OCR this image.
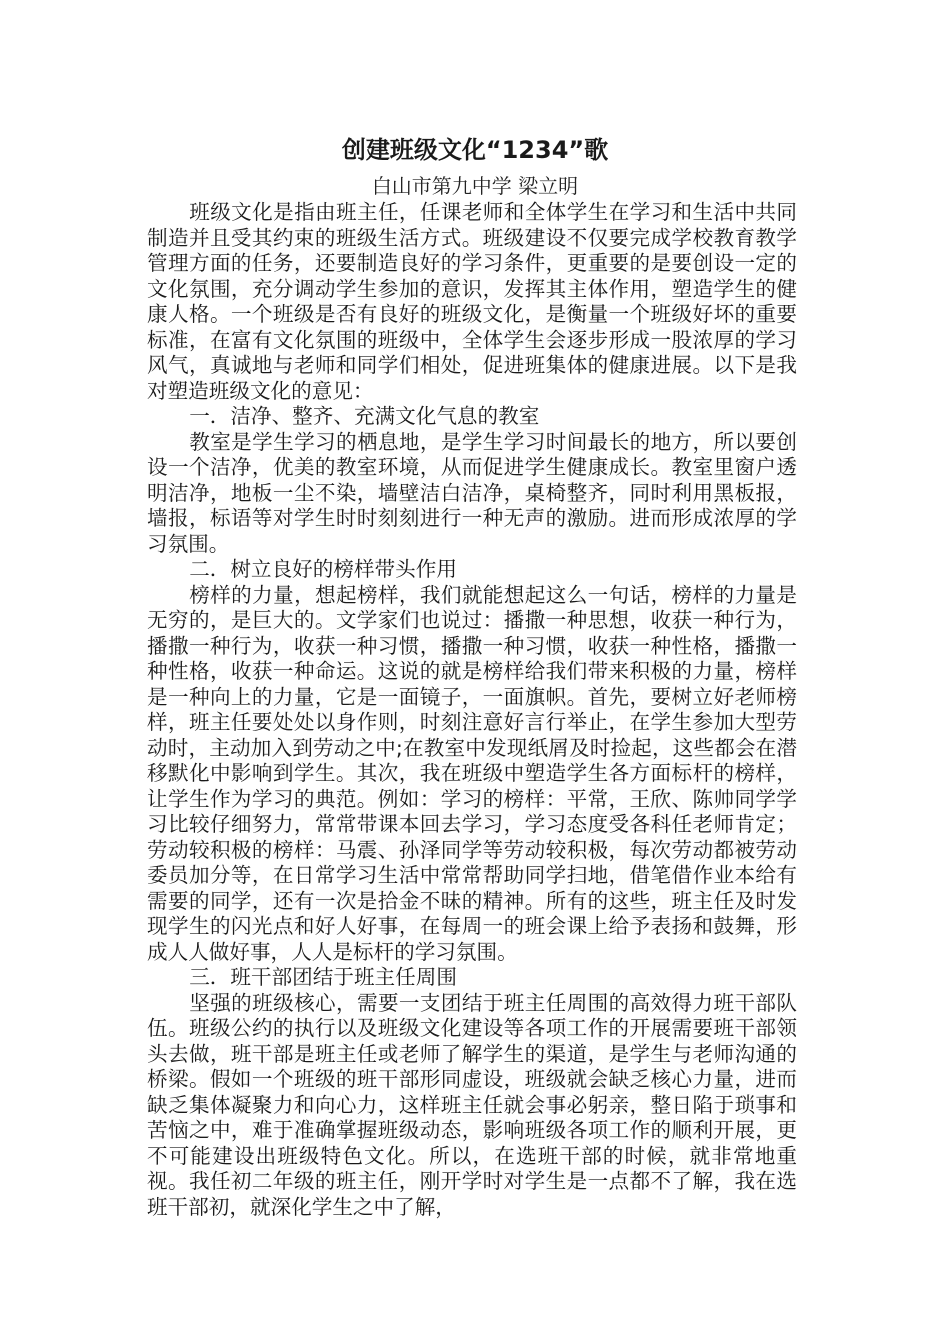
创建班级文化“1234”歌
白山市第九中学 梁立明

班级文化是指由班主任，任课老师和全体学生在学习和生活中共同制造并且受其约束的班级生活方式。班级建设不仅要完成学校教育教学管理方面的任务，还要制造良好的学习条件，更重要的是要创设一定的文化氛围，充分调动学生参加的意识，发挥其主体作用，塑造学生的健康人格。一个班级是否有良好的班级文化，是衡量一个班级好坏的重要标准，在富有文化氛围的班级中，全体学生会逐步形成一股浓厚的学习风气，真诚地与老师和同学们相处，促进班集体的健康进展。以下是我对塑造班级文化的意见：

一．洁净、整齐、充满文化气息的教室

教室是学生学习的栖息地，是学生学习时间最长的地方，所以要创设一个洁净，优美的教室环境，从而促进学生健康成长。教室里窗户透明洁净，地板一尘不染，墙壁洁白洁净，桌椅整齐，同时利用黑板报，墙报，标语等对学生时时刻刻进行一种无声的激励。进而形成浓厚的学习氛围。

二．树立良好的榜样带头作用

榜样的力量，想起榜样，我们就能想起这么一句话，榜样的力量是无穷的，是巨大的。文学家们也说过：播撒一种思想，收获一种行为，播撒一种行为，收获一种习惯，播撒一种习惯，收获一种性格，播撒一种性格，收获一种命运。这说的就是榜样给我们带来积极的力量，榜样是一种向上的力量，它是一面镜子，一面旗帜。首先，要树立好老师榜样，班主任要处处以身作则，时刻注意好言行举止，在学生参加大型劳动时，主动加入到劳动之中;在教室中发现纸屑及时捡起，这些都会在潜移默化中影响到学生。其次，我在班级中塑造学生各方面标杆的榜样，让学生作为学习的典范。例如：学习的榜样：平常，王欣、陈帅同学学习比较仔细努力，常常带课本回去学习，学习态度受各科任老师肯定；劳动较积极的榜样：马震、孙泽同学等劳动较积极，每次劳动都被劳动委员加分等，在日常学习生活中常常帮助同学扫地，借笔借作业本给有需要的同学，还有一次是拾金不昧的精神。所有的这些，班主任及时发现学生的闪光点和好人好事，在每周一的班会课上给予表扬和鼓舞，形成人人做好事，人人是标杆的学习氛围。

三．班干部团结于班主任周围

坚强的班级核心，需要一支团结于班主任周围的高效得力班干部队伍。班级公约的执行以及班级文化建设等各项工作的开展需要班干部领头去做，班干部是班主任或老师了解学生的渠道，是学生与老师沟通的桥梁。假如一个班级的班干部形同虚设，班级就会缺乏核心力量，进而缺乏集体凝聚力和向心力，这样班主任就会事必躬亲，整日陷于琐事和苦恼之中，难于准确掌握班级动态，影响班级各项工作的顺利开展，更不可能建设出班级特色文化。所以，在选班干部的时候，就非常地重视。我任初二年级的班主任，刚开学时对学生是一点都不了解，我在选班干部初，就深化学生之中了解，
